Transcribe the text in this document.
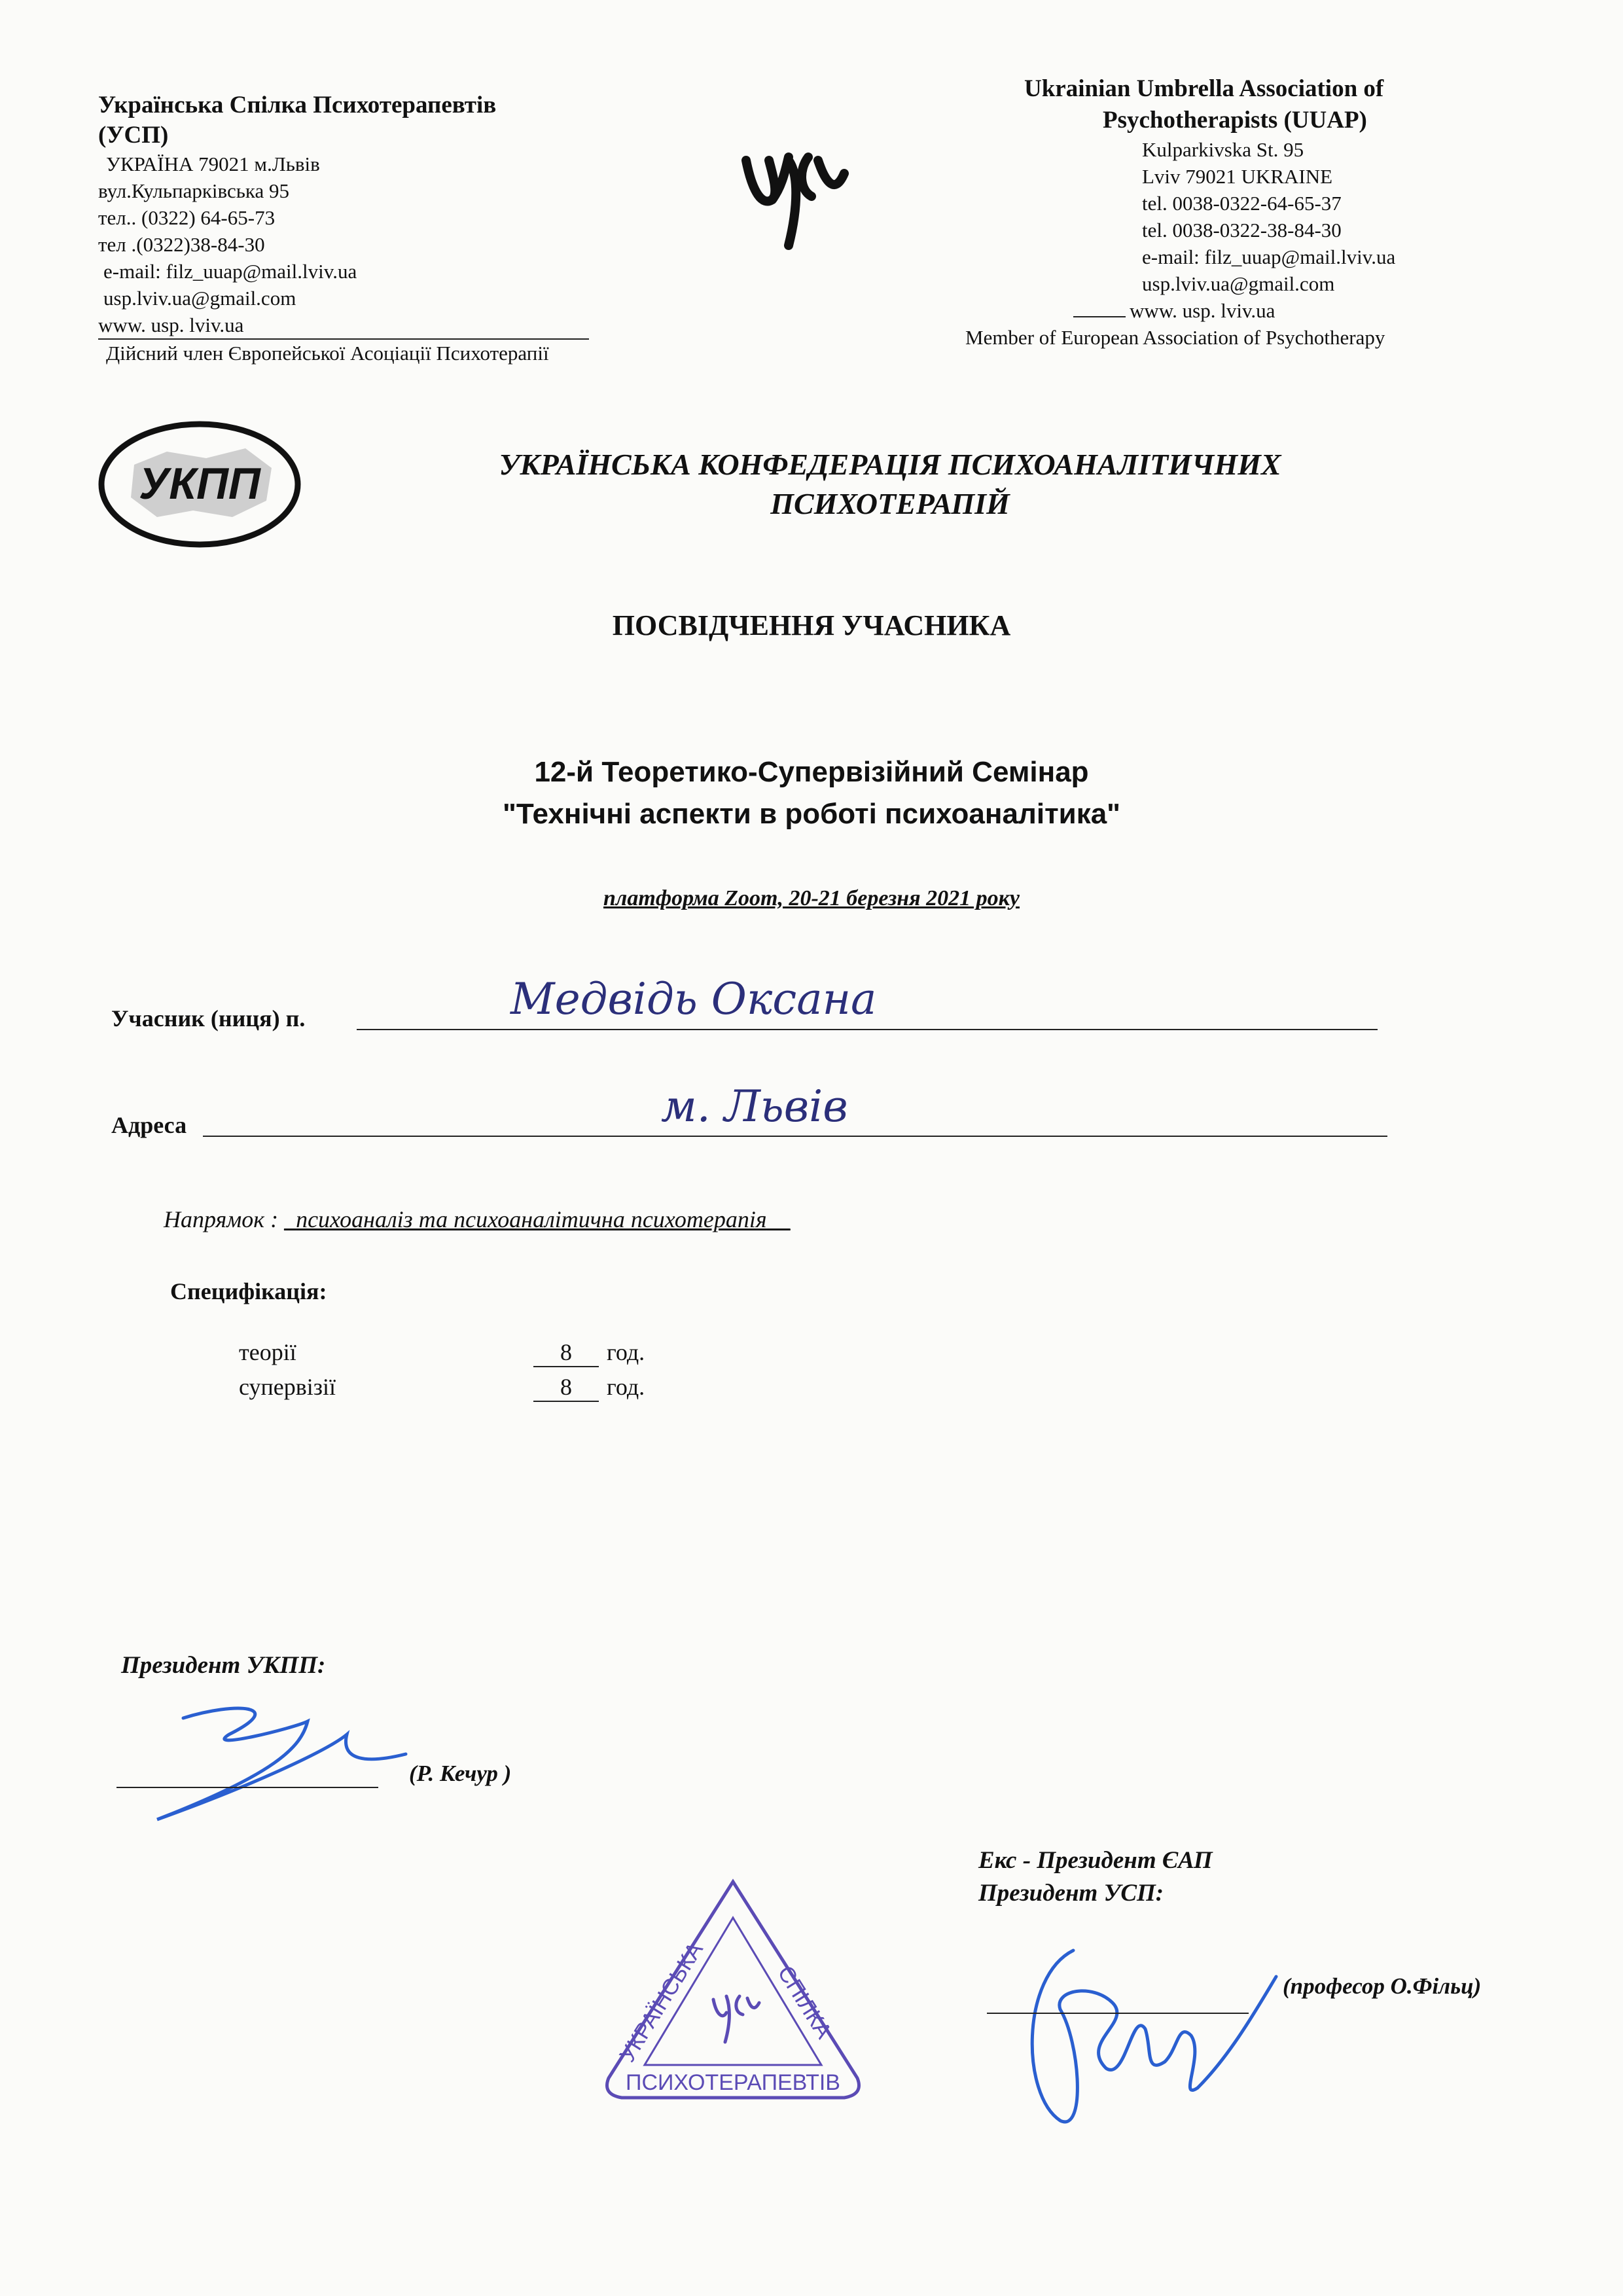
Українська Спілка Психотерапевтів
(УСП)
УКРАЇНА 79021 м.Львів
вул.Кульпарківська 95
тел.. (0322) 64-65-73
тел .(0322)38-84-30
e-mail: filz_uuap@mail.lviv.ua
usp.lviv.ua@gmail.com
www. usp. lviv.ua
Дійсний член Європейської Асоціації Психотерапії
Ukrainian Umbrella Association of
Psychotherapists (UUAP)
Kulparkivska St. 95
Lviv 79021 UKRAINE
tel. 0038-0322-64-65-37
tel. 0038-0322-38-84-30
e-mail: filz_uuap@mail.lviv.ua
usp.lviv.ua@gmail.com
www. usp. lviv.ua
Member of European Association of Psychotherapy
УКПП	УКРАЇНСЬКА КОНФЕДЕРАЦІЯ ПСИХОАНАЛІТИЧНИХ
ПСИХОТЕРАПІЙ
ПОСВІДЧЕННЯ УЧАСНИКА
12-й Теоретико-Супервізійний Семінар
"Технічні аспекти в роботі психоаналітика"
платформа Zoom, 20-21 березня 2021 року
Учасник (ниця) п.	Медвідь Оксана
Адреса	м. Львів
Напрямок : _психоаналіз та психоаналітична психотерапія__
Специфікація:
теорії	8 год.
супервізії	8 год.
Президент УКПП:
(Р. Кечур )
УКРАЇНСЬКА	СПІЛКА
ПСИХОТЕРАПЕВТІВ
Екс - Президент ЄАП
Президент УСП:
(професор О.Фільц)
